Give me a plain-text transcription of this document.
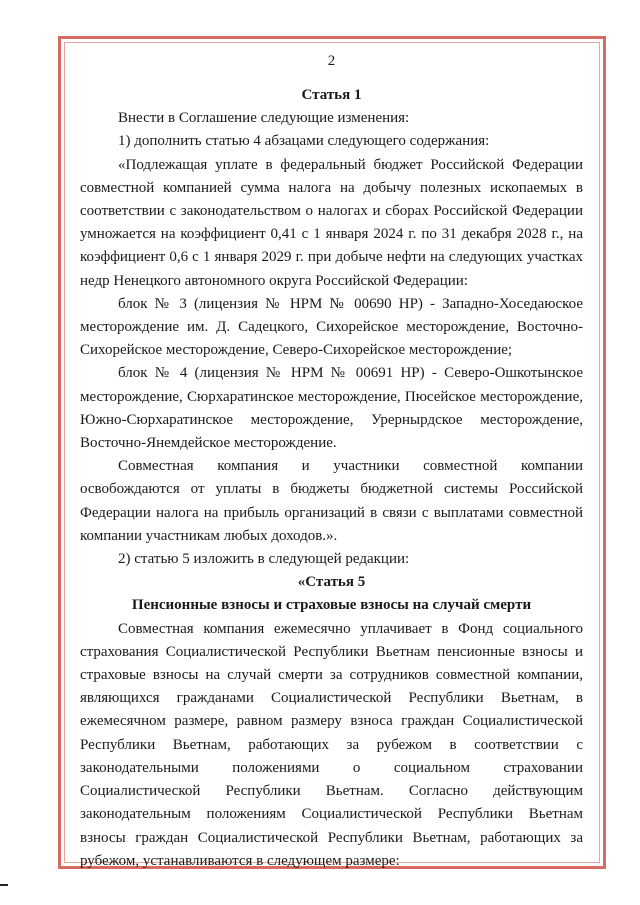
2
Статья 1

Внести в Соглашение следующие изменения:

1) дополнить статью 4 абзацами следующего содержания:

«Подлежащая уплате в федеральный бюджет Российской Федерации совместной компанией сумма налога на добычу полезных ископаемых в соответствии с законодательством о налогах и сборах Российской Федерации умножается на коэффициент 0,41 с 1 января 2024 г. по 31 декабря 2028 г., на коэффициент 0,6 с 1 января 2029 г. при добыче нефти на следующих участках недр Ненецкого автономного округа Российской Федерации:

блок № 3 (лицензия № НРМ № 00690 НР) - Западно-Хоседаюское месторождение им. Д. Садецкого, Сихорейское месторождение, Восточно-Сихорейское месторождение, Северо-Сихорейское месторождение;

блок № 4 (лицензия № НРМ № 00691 НР) - Северо-Ошкотынское месторождение, Сюрхаратинское месторождение, Пюсейское месторождение, Южно-Сюрхаратинское месторождение, Урернырдское месторождение, Восточно-Янемдейское месторождение.

Совместная компания и участники совместной компании освобождаются от уплаты в бюджеты бюджетной системы Российской Федерации налога на прибыль организаций в связи с выплатами совместной компании участникам любых доходов.».

2) статью 5 изложить в следующей редакции:

«Статья 5
Пенсионные взносы и страховые взносы на случай смерти

Совместная компания ежемесячно уплачивает в Фонд социального страхования Социалистической Республики Вьетнам пенсионные взносы и страховые взносы на случай смерти за сотрудников совместной компании, являющихся гражданами Социалистической Республики Вьетнам, в ежемесячном размере, равном размеру взноса граждан Социалистической Республики Вьетнам, работающих за рубежом в соответствии с законодательными положениями о социальном страховании Социалистической Республики Вьетнам. Согласно действующим законодательным положениям Социалистической Республики Вьетнам взносы граждан Социалистической Республики Вьетнам, работающих за рубежом, устанавливаются в следующем размере:
